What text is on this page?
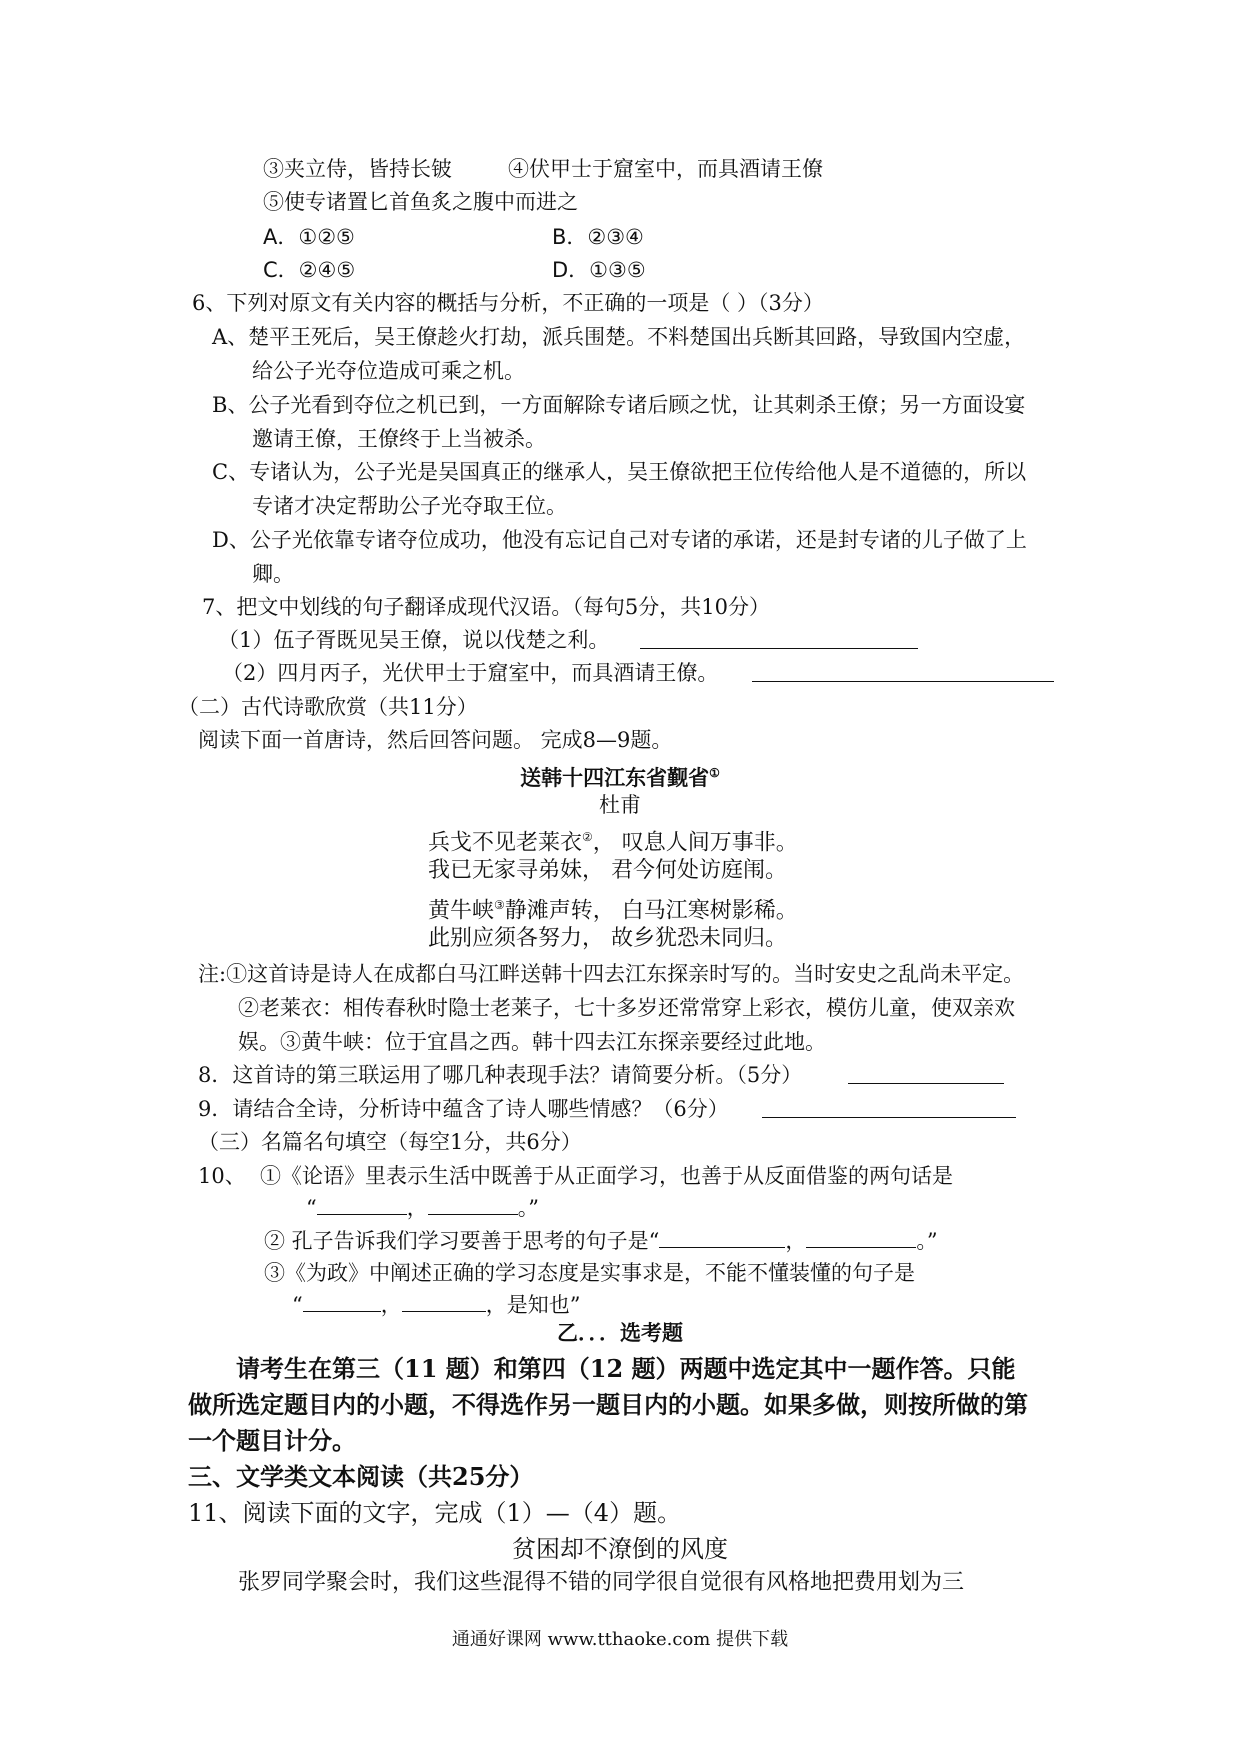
③夹立侍，皆持长铍	④伏甲士于窟室中，而具酒请王僚
⑤使专诸置匕首鱼炙之腹中而进之
A．①②⑤	B．②③④
C．②④⑤	D．①③⑤
6、下列对原文有关内容的概括与分析，不正确的一项是（ ）（3分）
A、楚平王死后，吴王僚趁火打劫，派兵围楚。不料楚国出兵断其回路，导致国内空虚，
给公子光夺位造成可乘之机。
B、公子光看到夺位之机已到，一方面解除专诸后顾之忧，让其刺杀王僚；另一方面设宴
邀请王僚，王僚终于上当被杀。
C、专诸认为，公子光是吴国真正的继承人，吴王僚欲把王位传给他人是不道德的，所以
专诸才决定帮助公子光夺取王位。
D、公子光依靠专诸夺位成功，他没有忘记自己对专诸的承诺，还是封专诸的儿子做了上
卿。
7、把文中划线的句子翻译成现代汉语。（每句5分，共10分）
（1）伍子胥既见吴王僚，说以伐楚之利。
（2）四月丙子，光伏甲士于窟室中，而具酒请王僚。
（二）古代诗歌欣赏（共11分）
阅读下面一首唐诗，然后回答问题。 完成8—9题。
送韩十四江东省觐省①
杜甫
兵戈不见老莱衣②， 叹息人间万事非。
我已无家寻弟妹， 君今何处访庭闱。
黄牛峡③静滩声转， 白马江寒树影稀。
此别应须各努力， 故乡犹恐未同归。
注:①这首诗是诗人在成都白马江畔送韩十四去江东探亲时写的。当时安史之乱尚未平定。
②老莱衣：相传春秋时隐士老莱子，七十多岁还常常穿上彩衣，模仿儿童，使双亲欢
娱。③黄牛峡：位于宜昌之西。韩十四去江东探亲要经过此地。
8．这首诗的第三联运用了哪几种表现手法？请简要分析。（5分）
9．请结合全诗，分析诗中蕴含了诗人哪些情感？（6分）
（三）名篇名句填空（每空1分，共6分）
10、 ①《论语》里表示生活中既善于从正面学习，也善于从反面借鉴的两句话是
“	，	。”
② 孔子告诉我们学习要善于思考的句子是“	，	。”
③《为政》中阐述正确的学习态度是实事求是，不能不懂装懂的句子是
“	，	，是知也”
乙．．．选考题
请考生在第三（11 题）和第四（12 题）两题中选定其中一题作答。只能
做所选定题目内的小题，不得选作另一题目内的小题。如果多做，则按所做的第
一个题目计分。
三、文学类文本阅读（共25分）
11、阅读下面的文字，完成（1）—（4）题。
贫困却不潦倒的风度
张罗同学聚会时，我们这些混得不错的同学很自觉很有风格地把费用划为三
通通好课网 www.tthaoke.com 提供下载
